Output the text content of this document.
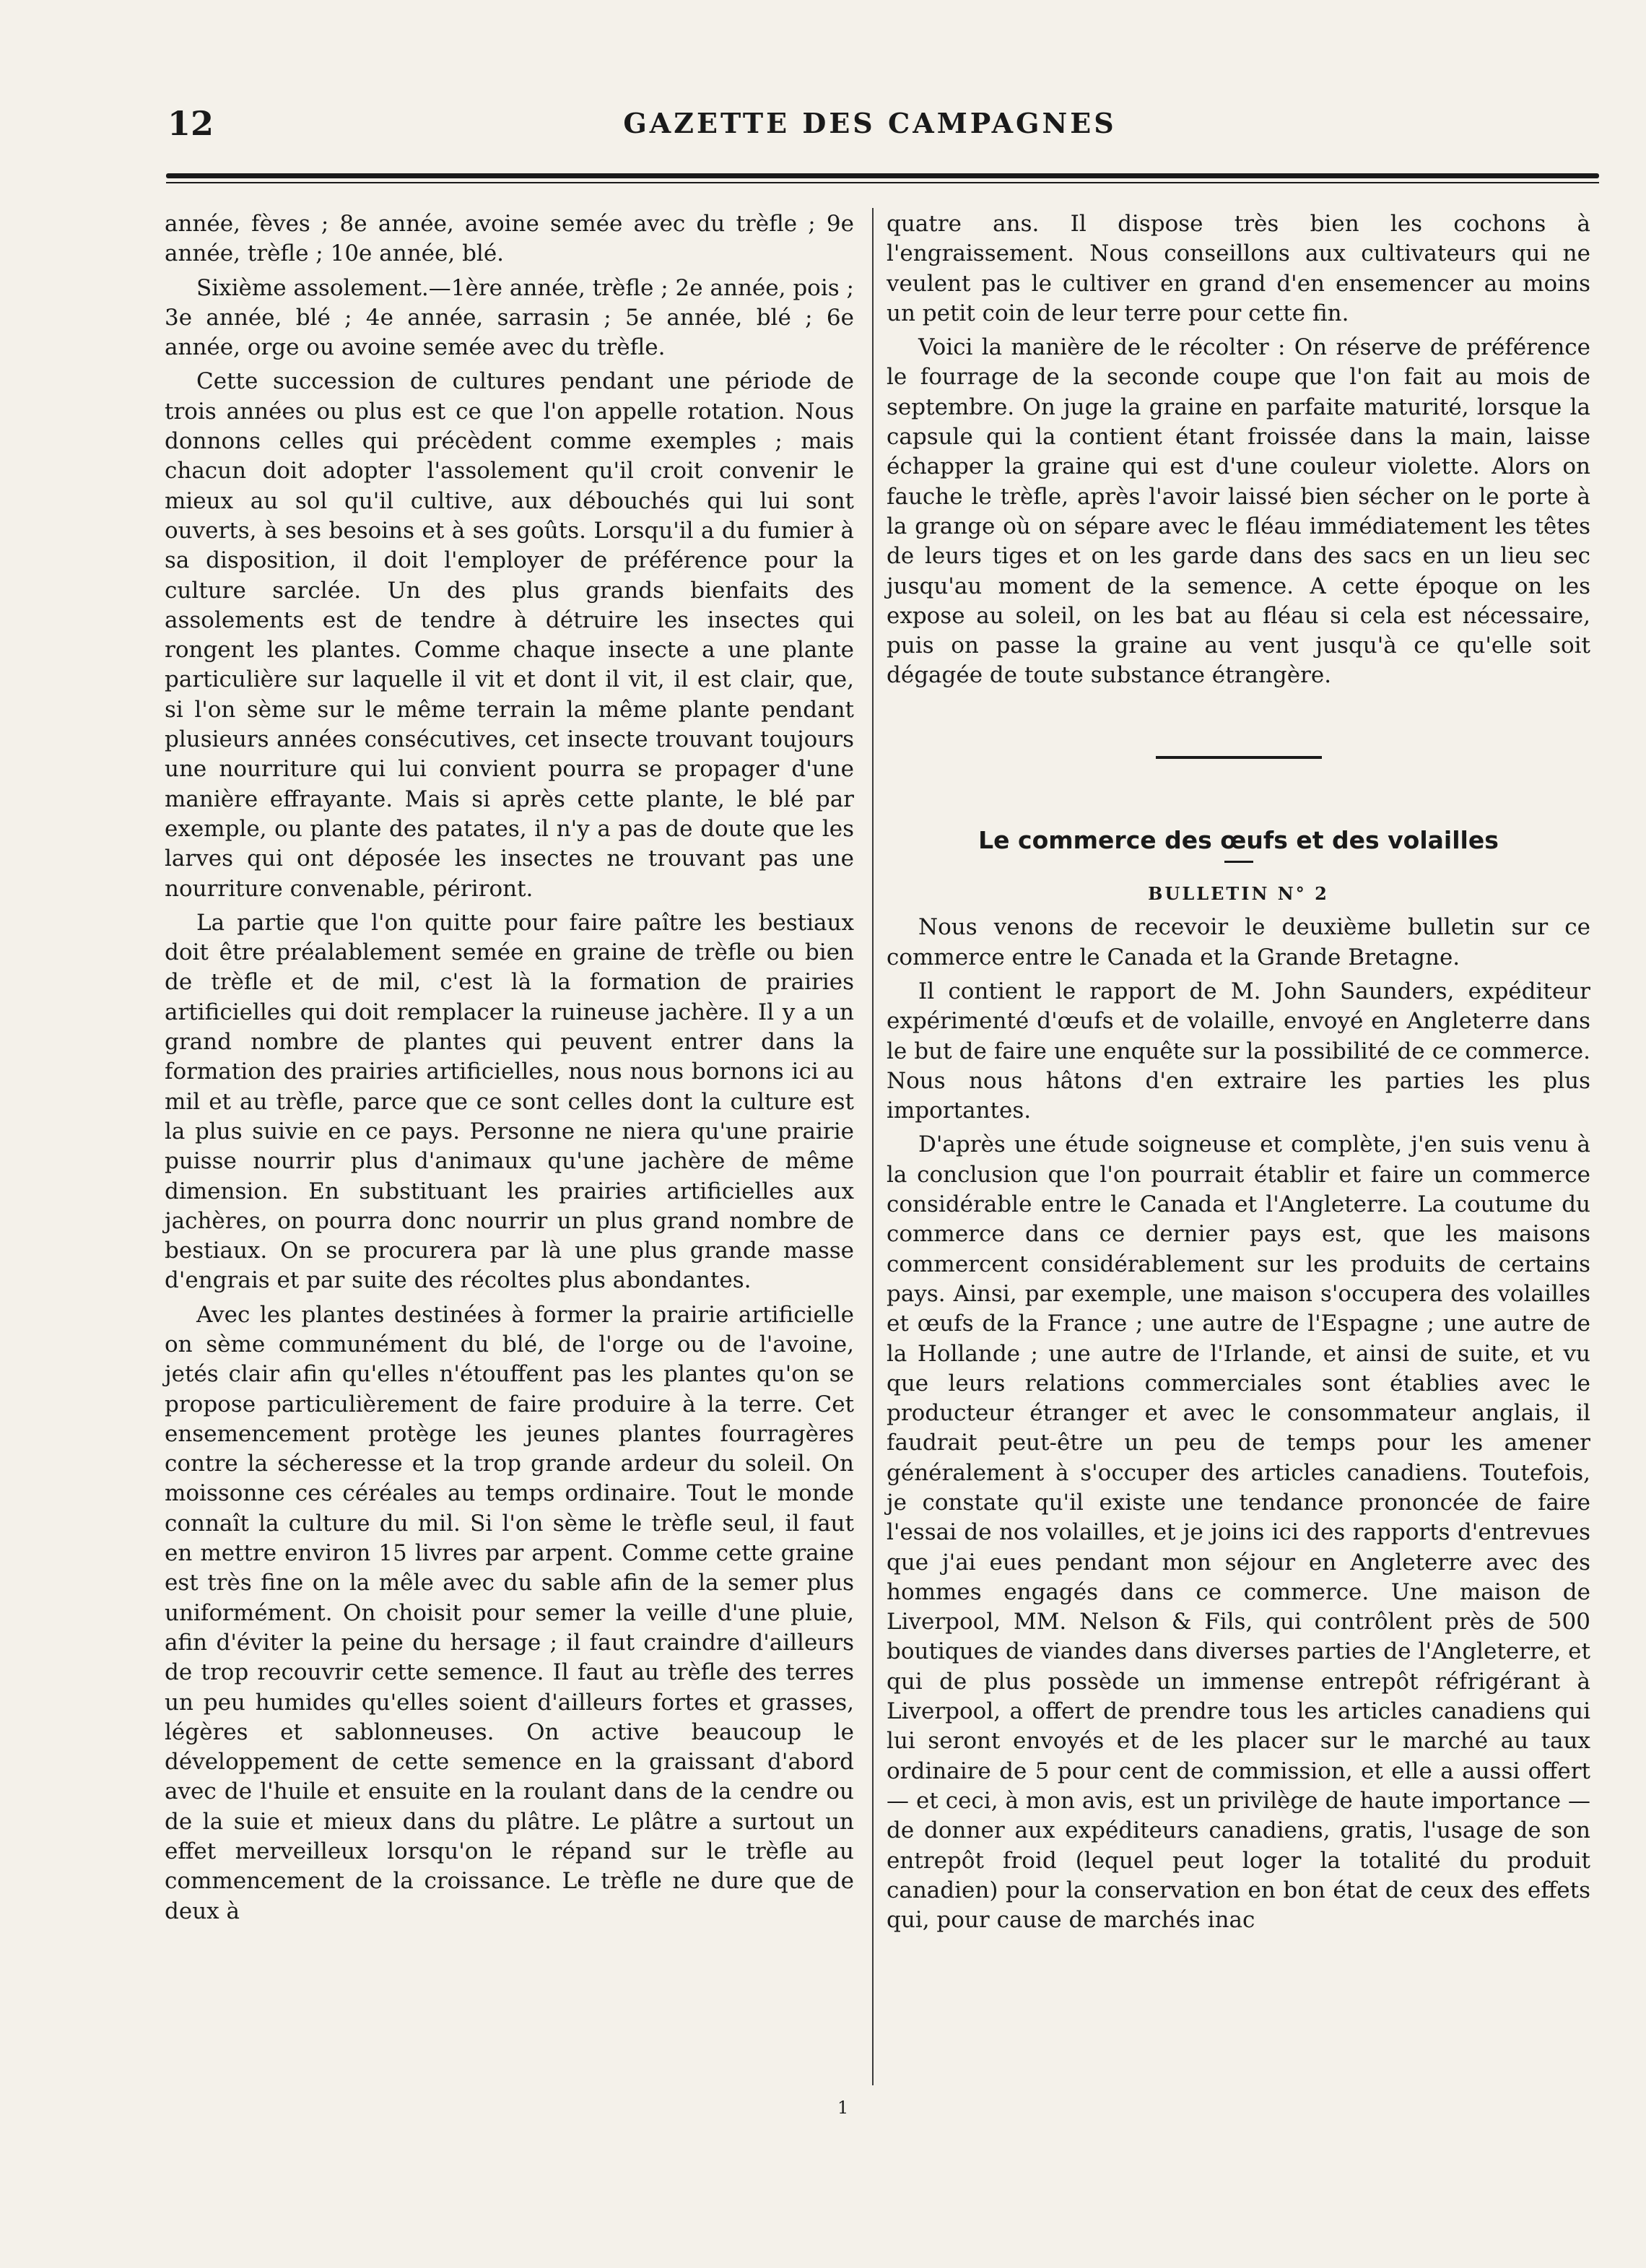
12	GAZETTE DES CAMPAGNES

année, fèves ; 8e année, avoine semée avec du trèfle ; 9e année, trèfle ; 10e année, blé.

Sixième assolement.—1ère année, trèfle ; 2e année, pois ; 3e année, blé ; 4e année, sarrasin ; 5e année, blé ; 6e année, orge ou avoine semée avec du trèfle.

Cette succession de cultures pendant une période de trois années ou plus est ce que l'on appelle rotation. Nous donnons celles qui précèdent comme exemples ; mais chacun doit adopter l'assolement qu'il croit convenir le mieux au sol qu'il cultive, aux débouchés qui lui sont ouverts, à ses besoins et à ses goûts. Lorsqu'il a du fumier à sa disposition, il doit l'employer de préférence pour la culture sarclée. Un des plus grands bienfaits des assolements est de tendre à détruire les insectes qui rongent les plantes. Comme chaque insecte a une plante particulière sur laquelle il vit et dont il vit, il est clair, que, si l'on sème sur le même terrain la même plante pendant plusieurs années consécutives, cet insecte trouvant toujours une nourriture qui lui convient pourra se propager d'une manière effrayante. Mais si après cette plante, le blé par exemple, ou plante des patates, il n'y a pas de doute que les larves qui ont déposée les insectes ne trouvant pas une nourriture convenable, périront.

La partie que l'on quitte pour faire paître les bestiaux doit être préalablement semée en graine de trèfle ou bien de trèfle et de mil, c'est là la formation de prairies artificielles qui doit remplacer la ruineuse jachère. Il y a un grand nombre de plantes qui peuvent entrer dans la formation des prairies artificielles, nous nous bornons ici au mil et au trèfle, parce que ce sont celles dont la culture est la plus suivie en ce pays. Personne ne niera qu'une prairie puisse nourrir plus d'animaux qu'une jachère de même dimension. En substituant les prairies artificielles aux jachères, on pourra donc nourrir un plus grand nombre de bestiaux. On se procurera par là une plus grande masse d'engrais et par suite des récoltes plus abondantes.

Avec les plantes destinées à former la prairie artificielle on sème communément du blé, de l'orge ou de l'avoine, jetés clair afin qu'elles n'étouffent pas les plantes qu'on se propose particulièrement de faire produire à la terre. Cet ensemencement protège les jeunes plantes fourragères contre la sécheresse et la trop grande ardeur du soleil. On moissonne ces céréales au temps ordinaire. Tout le monde connaît la culture du mil. Si l'on sème le trèfle seul, il faut en mettre environ 15 livres par arpent. Comme cette graine est très fine on la mêle avec du sable afin de la semer plus uniformément. On choisit pour semer la veille d'une pluie, afin d'éviter la peine du hersage ; il faut craindre d'ailleurs de trop recouvrir cette semence. Il faut au trèfle des terres un peu humides qu'elles soient d'ailleurs fortes et grasses, légères et sablonneuses. On active beaucoup le développement de cette semence en la graissant d'abord avec de l'huile et ensuite en la roulant dans de la cendre ou de la suie et mieux dans du plâtre. Le plâtre a surtout un effet merveilleux lorsqu'on le répand sur le trèfle au commencement de la croissance. Le trèfle ne dure que de deux à

quatre ans. Il dispose très bien les cochons à l'engraissement. Nous conseillons aux cultivateurs qui ne veulent pas le cultiver en grand d'en ensemencer au moins un petit coin de leur terre pour cette fin.

Voici la manière de le récolter : On réserve de préférence le fourrage de la seconde coupe que l'on fait au mois de septembre. On juge la graine en parfaite maturité, lorsque la capsule qui la contient étant froissée dans la main, laisse échapper la graine qui est d'une couleur violette. Alors on fauche le trèfle, après l'avoir laissé bien sécher on le porte à la grange où on sépare avec le fléau immédiatement les têtes de leurs tiges et on les garde dans des sacs en un lieu sec jusqu'au moment de la semence. A cette époque on les expose au soleil, on les bat au fléau si cela est nécessaire, puis on passe la graine au vent jusqu'à ce qu'elle soit dégagée de toute substance étrangère.

Le commerce des œufs et des volailles
BULLETIN N° 2

Nous venons de recevoir le deuxième bulletin sur ce commerce entre le Canada et la Grande Bretagne.

Il contient le rapport de M. John Saunders, expéditeur expérimenté d'œufs et de volaille, envoyé en Angleterre dans le but de faire une enquête sur la possibilité de ce commerce. Nous nous hâtons d'en extraire les parties les plus importantes.

D'après une étude soigneuse et complète, j'en suis venu à la conclusion que l'on pourrait établir et faire un commerce considérable entre le Canada et l'Angleterre. La coutume du commerce dans ce dernier pays est, que les maisons commercent considérablement sur les produits de certains pays. Ainsi, par exemple, une maison s'occupera des volailles et œufs de la France ; une autre de l'Espagne ; une autre de la Hollande ; une autre de l'Irlande, et ainsi de suite, et vu que leurs relations commerciales sont établies avec le producteur étranger et avec le consommateur anglais, il faudrait peut-être un peu de temps pour les amener généralement à s'occuper des articles canadiens. Toutefois, je constate qu'il existe une tendance prononcée de faire l'essai de nos volailles, et je joins ici des rapports d'entrevues que j'ai eues pendant mon séjour en Angleterre avec des hommes engagés dans ce commerce. Une maison de Liverpool, MM. Nelson & Fils, qui contrôlent près de 500 boutiques de viandes dans diverses parties de l'Angleterre, et qui de plus possède un immense entrepôt réfrigérant à Liverpool, a offert de prendre tous les articles canadiens qui lui seront envoyés et de les placer sur le marché au taux ordinaire de 5 pour cent de commission, et elle a aussi offert — et ceci, à mon avis, est un privilège de haute importance — de donner aux expéditeurs canadiens, gratis, l'usage de son entrepôt froid (lequel peut loger la totalité du produit canadien) pour la conservation en bon état de ceux des effets qui, pour cause de marchés inac

1
